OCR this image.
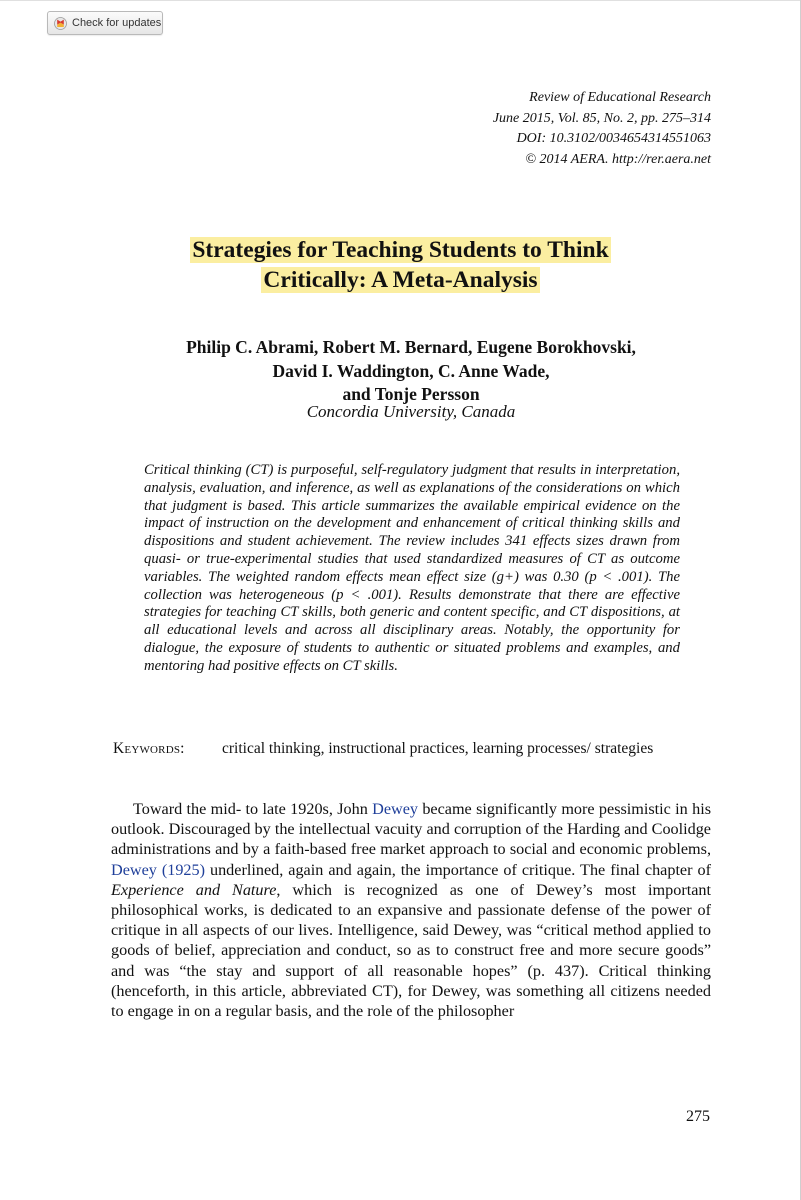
Check for updates
Review of Educational Research
June 2015, Vol. 85, No. 2, pp. 275–314
DOI: 10.3102/0034654314551063
© 2014 AERA. http://rer.aera.net
Strategies for Teaching Students to Think
Critically: A Meta-Analysis
Philip C. Abrami, Robert M. Bernard, Eugene Borokhovski,
David I. Waddington, C. Anne Wade,
and Tonje Persson
Concordia University, Canada
Critical thinking (CT) is purposeful, self-regulatory judgment that results in interpretation, analysis, evaluation, and inference, as well as explanations of the considerations on which that judgment is based. This article summarizes the available empirical evidence on the impact of instruction on the development and enhancement of critical thinking skills and dispositions and student achievement. The review includes 341 effects sizes drawn from quasi- or true-experimental studies that used standardized measures of CT as outcome variables. The weighted random effects mean effect size (g+) was 0.30 (p < .001). The collection was heterogeneous (p < .001). Results demonstrate that there are effective strategies for teaching CT skills, both generic and content specific, and CT dispositions, at all educational levels and across all disciplinary areas. Notably, the opportunity for dialogue, the exposure of students to authentic or situated problems and examples, and mentoring had positive effects on CT skills.
Keywords: critical thinking, instructional practices, learning processes/ strategies
Toward the mid- to late 1920s, John Dewey became significantly more pessimistic in his outlook. Discouraged by the intellectual vacuity and corruption of the Harding and Coolidge administrations and by a faith-based free market approach to social and economic problems, Dewey (1925) underlined, again and again, the importance of critique. The final chapter of Experience and Nature, which is recognized as one of Dewey’s most important philosophical works, is dedicated to an expansive and passionate defense of the power of critique in all aspects of our lives. Intelligence, said Dewey, was “critical method applied to goods of belief, appreciation and conduct, so as to construct free and more secure goods” and was “the stay and support of all reasonable hopes” (p. 437). Critical thinking (henceforth, in this article, abbreviated CT), for Dewey, was something all citizens needed to engage in on a regular basis, and the role of the philosopher
275
